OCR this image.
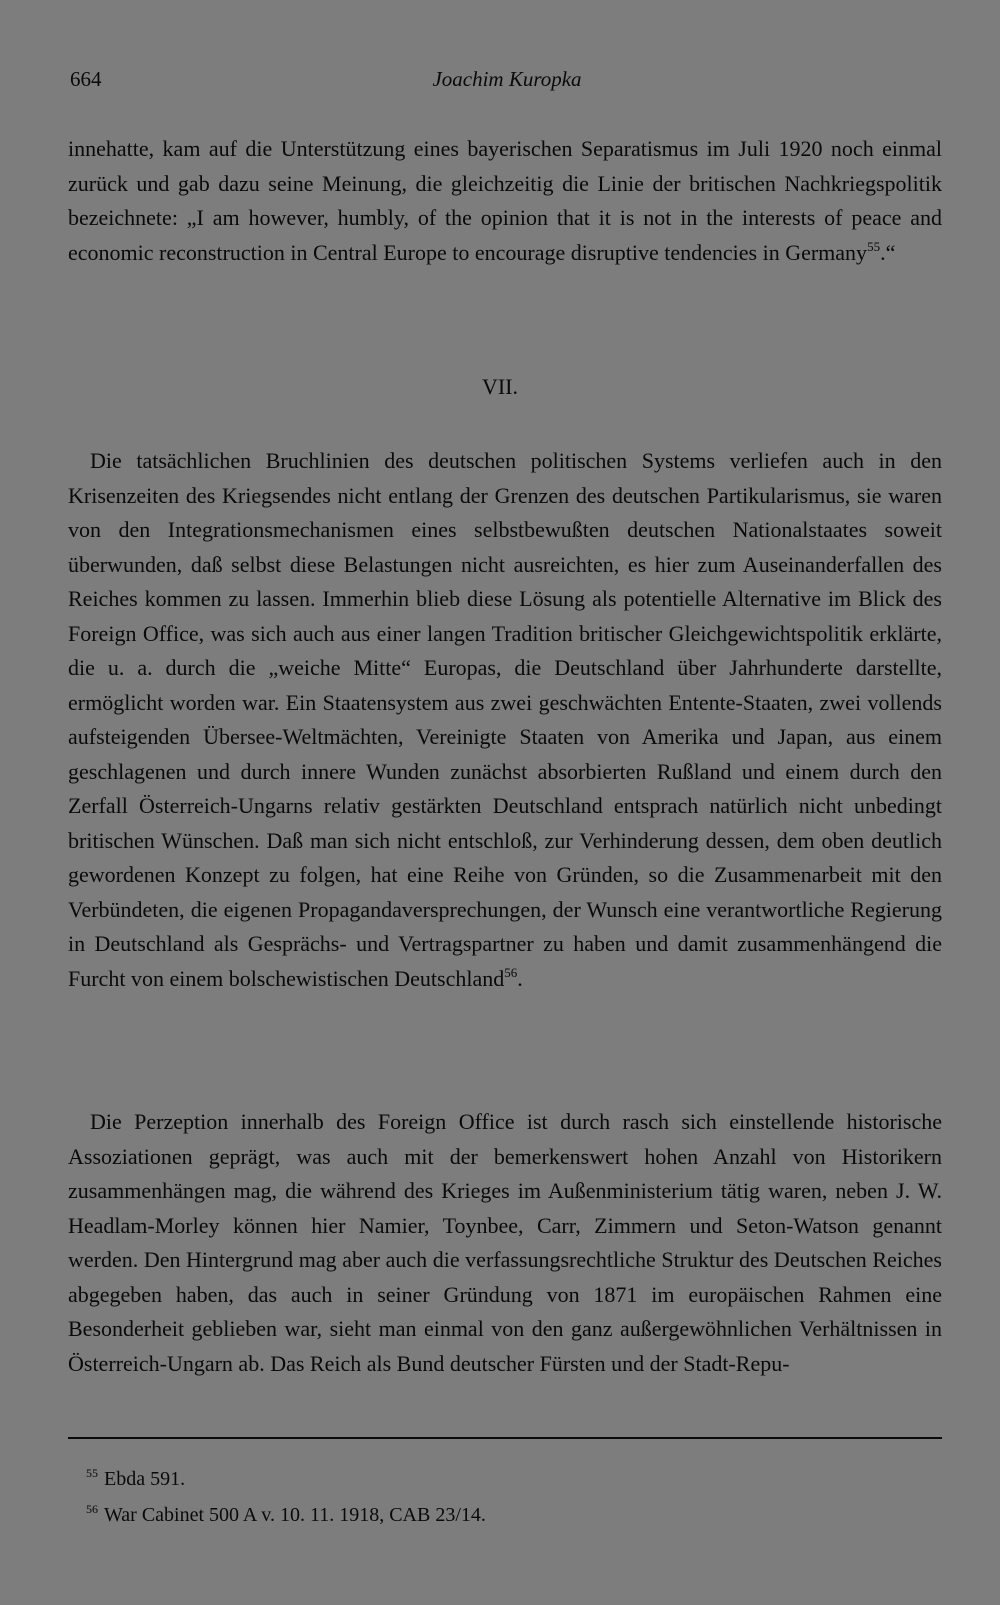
664	Joachim Kuropka

innehatte, kam auf die Unterstützung eines bayerischen Separatismus im Juli 1920 noch einmal zurück und gab dazu seine Meinung, die gleichzeitig die Linie der britischen Nachkriegspolitik bezeichnete: „I am however, humbly, of the opinion that it is not in the interests of peace and economic reconstruction in Central Europe to encourage disruptive tendencies in Germany$^{55}$.“

VII.

Die tatsächlichen Bruchlinien des deutschen politischen Systems verliefen auch in den Krisenzeiten des Kriegsendes nicht entlang der Grenzen des deutschen Partikularismus, sie waren von den Integrationsmechanismen eines selbstbewußten deutschen Nationalstaates soweit überwunden, daß selbst diese Belastungen nicht ausreichten, es hier zum Auseinanderfallen des Reiches kommen zu lassen. Immerhin blieb diese Lösung als potentielle Alternative im Blick des Foreign Office, was sich auch aus einer langen Tradition britischer Gleichgewichtspolitik erklärte, die u. a. durch die „weiche Mitte“ Europas, die Deutschland über Jahrhunderte darstellte, ermöglicht worden war. Ein Staatensystem aus zwei geschwächten Entente-Staaten, zwei vollends aufsteigenden Übersee-Weltmächten, Vereinigte Staaten von Amerika und Japan, aus einem geschlagenen und durch innere Wunden zunächst absorbierten Rußland und einem durch den Zerfall Österreich-Ungarns relativ gestärkten Deutschland entsprach natürlich nicht unbedingt britischen Wünschen. Daß man sich nicht entschloß, zur Verhinderung dessen, dem oben deutlich gewordenen Konzept zu folgen, hat eine Reihe von Gründen, so die Zusammenarbeit mit den Verbündeten, die eigenen Propagandaversprechungen, der Wunsch eine verantwortliche Regierung in Deutschland als Gesprächs- und Vertragspartner zu haben und damit zusammenhängend die Furcht von einem bolschewistischen Deutschland$^{56}$.

Die Perzeption innerhalb des Foreign Office ist durch rasch sich einstellende historische Assoziationen geprägt, was auch mit der bemerkenswert hohen Anzahl von Historikern zusammenhängen mag, die während des Krieges im Außenministerium tätig waren, neben J. W. Headlam-Morley können hier Namier, Toynbee, Carr, Zimmern und Seton-Watson genannt werden. Den Hintergrund mag aber auch die verfassungsrechtliche Struktur des Deutschen Reiches abgegeben haben, das auch in seiner Gründung von 1871 im europäischen Rahmen eine Besonderheit geblieben war, sieht man einmal von den ganz außergewöhnlichen Verhältnissen in Österreich-Ungarn ab. Das Reich als Bund deutscher Fürsten und der Stadt-Repu-

$^{55}$ Ebda 591.
$^{56}$ War Cabinet 500 A v. 10. 11. 1918, CAB 23/14.
